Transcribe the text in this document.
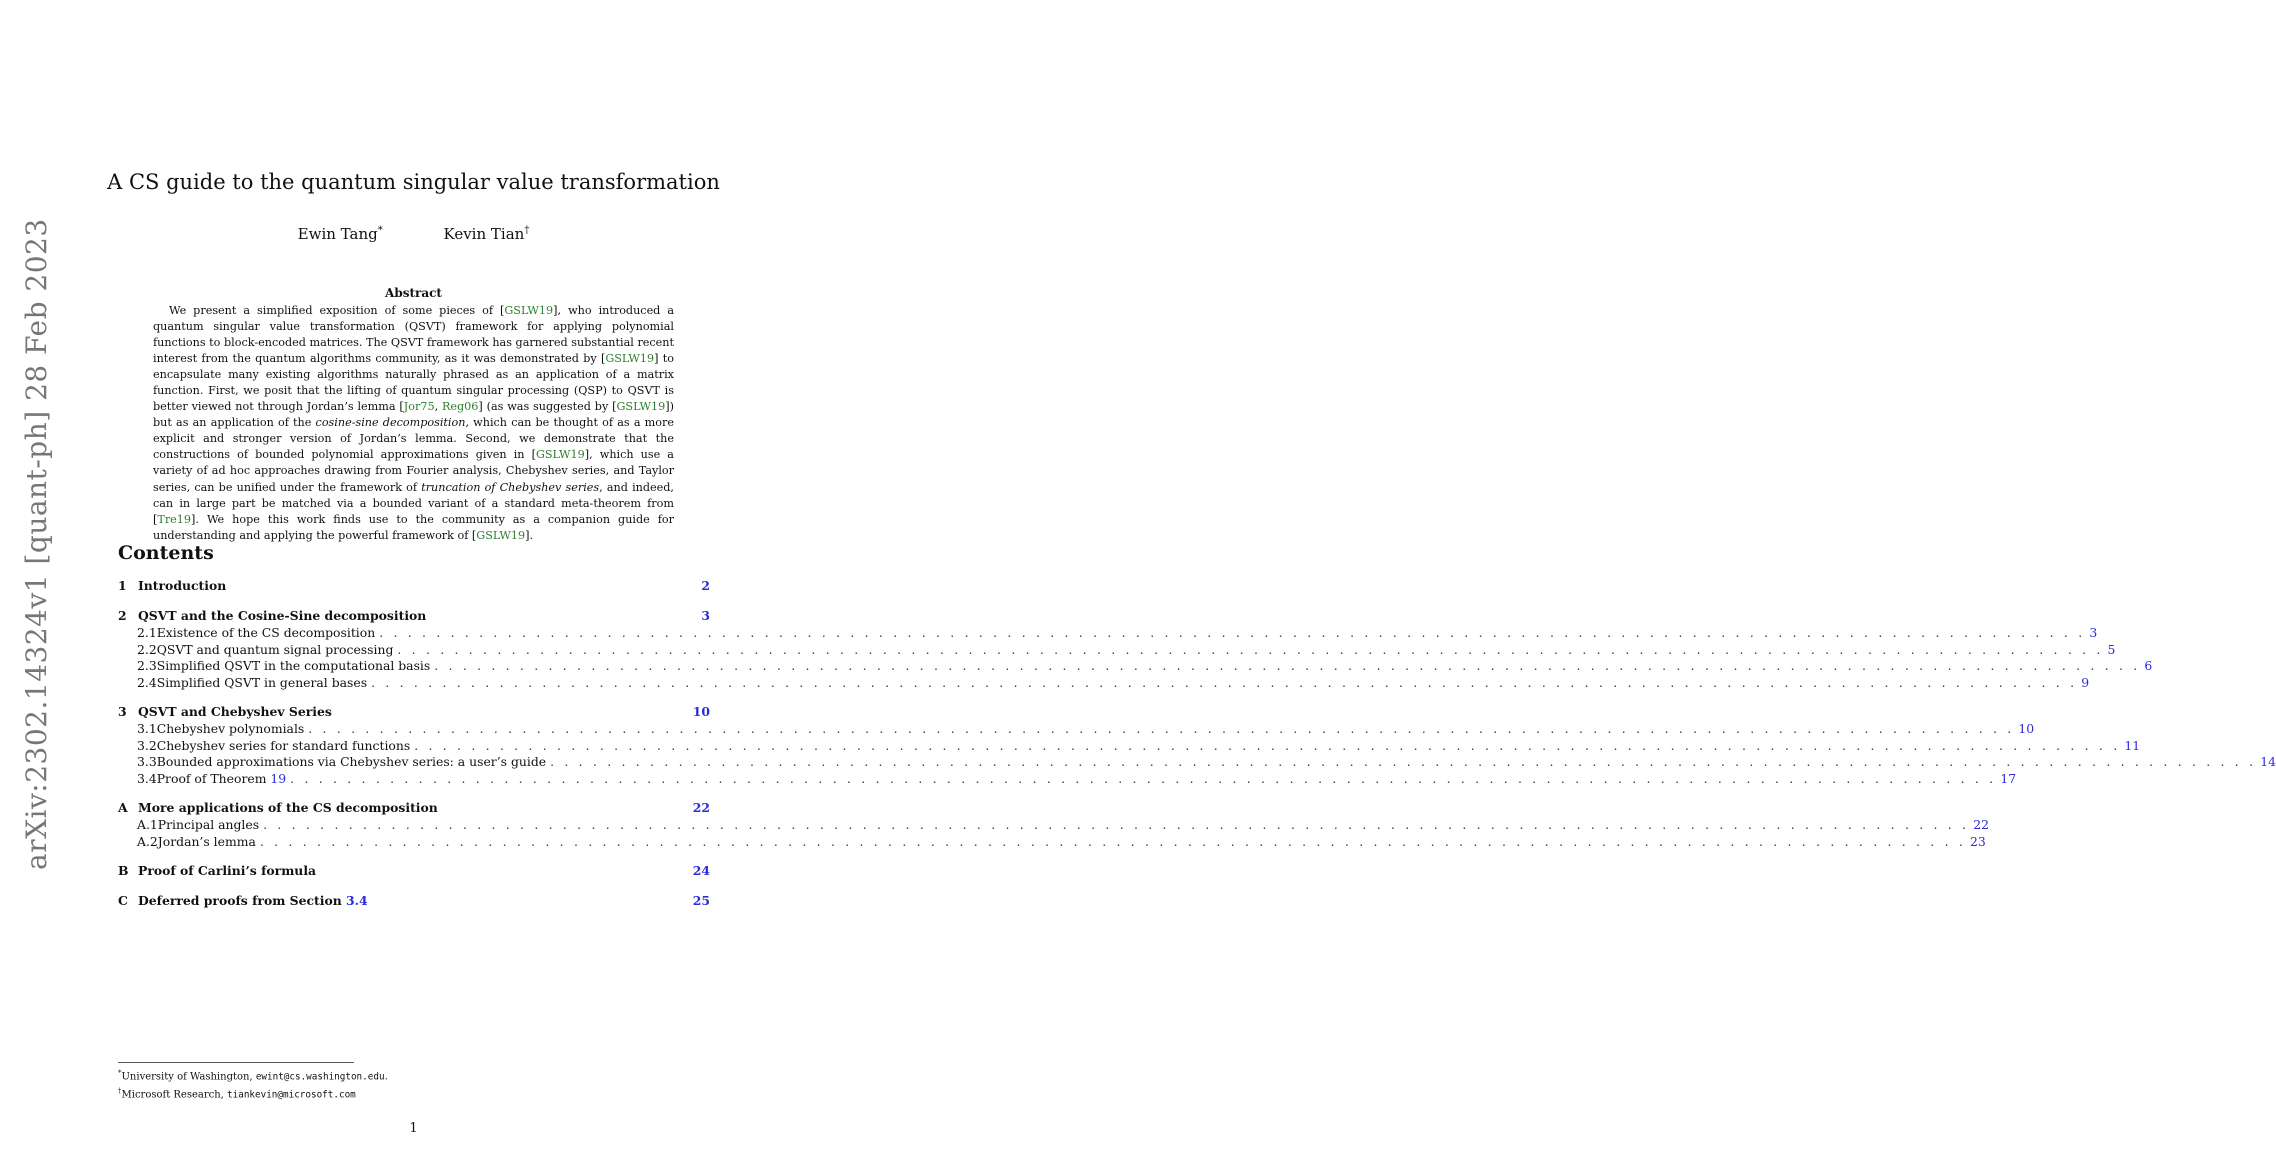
arXiv:2302.14324v1 [quant-ph] 28 Feb 2023
A CS guide to the quantum singular value transformation
Ewin Tang*	Kevin Tian†
Abstract

We present a simplified exposition of some pieces of [GSLW19], who introduced a quantum singular value transformation (QSVT) framework for applying polynomial functions to block-encoded matrices. The QSVT framework has garnered substantial recent interest from the quantum algorithms community, as it was demonstrated by [GSLW19] to encapsulate many existing algorithms naturally phrased as an application of a matrix function. First, we posit that the lifting of quantum singular processing (QSP) to QSVT is better viewed not through Jordan’s lemma [Jor75, Reg06] (as was suggested by [GSLW19]) but as an application of the cosine-sine decomposition, which can be thought of as a more explicit and stronger version of Jordan’s lemma. Second, we demonstrate that the constructions of bounded polynomial approximations given in [GSLW19], which use a variety of ad hoc approaches drawing from Fourier analysis, Chebyshev series, and Taylor series, can be unified under the framework of truncation of Chebyshev series, and indeed, can in large part be matched via a bounded variant of a standard meta-theorem from [Tre19]. We hope this work finds use to the community as a companion guide for understanding and applying the powerful framework of [GSLW19].

Contents
1 Introduction	2
2 QSVT and the Cosine-Sine decomposition	3
2.1 Existence of the CS decomposition . . . . . . . . . . . . . . . . . . . . . . . . . . . . . . . . . . . . . . . . . . . . . . . . . . . . . . . . . . . . . . . . . . . . . . . . . . . . . . . . . . . . . . . . . . . . . . . . . . . . . . . . . . . . . . . . . . . . . . . . 3
2.2 QSVT and quantum signal processing . . . . . . . . . . . . . . . . . . . . . . . . . . . . . . . . . . . . . . . . . . . . . . . . . . . . . . . . . . . . . . . . . . . . . . . . . . . . . . . . . . . . . . . . . . . . . . . . . . . . . . . . . . . . . . . . . . . . . . . . 5
2.3 Simplified QSVT in the computational basis . . . . . . . . . . . . . . . . . . . . . . . . . . . . . . . . . . . . . . . . . . . . . . . . . . . . . . . . . . . . . . . . . . . . . . . . . . . . . . . . . . . . . . . . . . . . . . . . . . . . . . . . . . . . . . . . . . . . . . . . 6
2.4 Simplified QSVT in general bases . . . . . . . . . . . . . . . . . . . . . . . . . . . . . . . . . . . . . . . . . . . . . . . . . . . . . . . . . . . . . . . . . . . . . . . . . . . . . . . . . . . . . . . . . . . . . . . . . . . . . . . . . . . . . . . . . . . . . . . . 9
3 QSVT and Chebyshev Series	10
3.1 Chebyshev polynomials . . . . . . . . . . . . . . . . . . . . . . . . . . . . . . . . . . . . . . . . . . . . . . . . . . . . . . . . . . . . . . . . . . . . . . . . . . . . . . . . . . . . . . . . . . . . . . . . . . . . . . . . . . . . . . . . . . . . . . . . 10
3.2 Chebyshev series for standard functions . . . . . . . . . . . . . . . . . . . . . . . . . . . . . . . . . . . . . . . . . . . . . . . . . . . . . . . . . . . . . . . . . . . . . . . . . . . . . . . . . . . . . . . . . . . . . . . . . . . . . . . . . . . . . . . . . . . . . . . . 11
3.3 Bounded approximations via Chebyshev series: a user’s guide . . . . . . . . . . . . . . . . . . . . . . . . . . . . . . . . . . . . . . . . . . . . . . . . . . . . . . . . . . . . . . . . . . . . . . . . . . . . . . . . . . . . . . . . . . . . . . . . . . . . . . . . . . . . . . . . . . . . . . . . 14
3.4 Proof of Theorem 19 . . . . . . . . . . . . . . . . . . . . . . . . . . . . . . . . . . . . . . . . . . . . . . . . . . . . . . . . . . . . . . . . . . . . . . . . . . . . . . . . . . . . . . . . . . . . . . . . . . . . . . . . . . . . . . . . . . . . . . . . 17
A More applications of the CS decomposition	22
A.1 Principal angles . . . . . . . . . . . . . . . . . . . . . . . . . . . . . . . . . . . . . . . . . . . . . . . . . . . . . . . . . . . . . . . . . . . . . . . . . . . . . . . . . . . . . . . . . . . . . . . . . . . . . . . . . . . . . . . . . . . . . . . . 22
A.2 Jordan’s lemma . . . . . . . . . . . . . . . . . . . . . . . . . . . . . . . . . . . . . . . . . . . . . . . . . . . . . . . . . . . . . . . . . . . . . . . . . . . . . . . . . . . . . . . . . . . . . . . . . . . . . . . . . . . . . . . . . . . . . . . . 23
B Proof of Carlini’s formula	24
C Deferred proofs from Section 3.4	25
*University of Washington, ewint@cs.washington.edu.
†Microsoft Research, tiankevin@microsoft.com
1
